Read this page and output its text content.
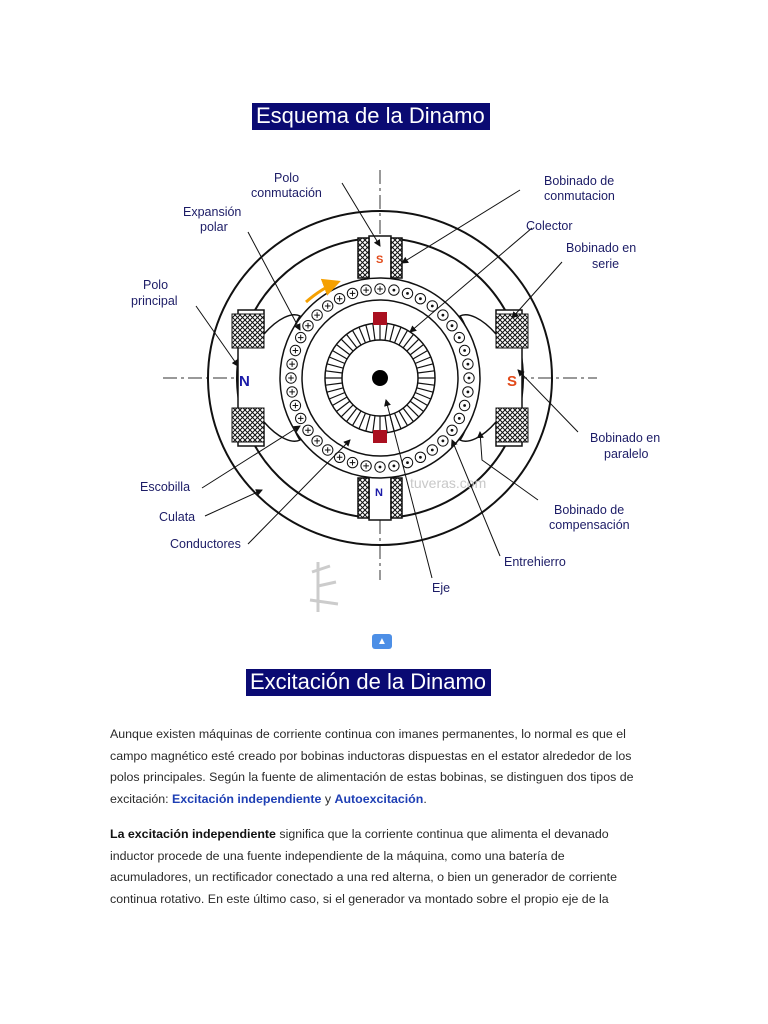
Esquema de la Dinamo
N	S
S
N
tuveras.com
Polo
conmutación
Expansión
polar
Polo
principal
Bobinado de
conmutacion
Colector
Bobinado en
serie
Bobinado en
paralelo
Bobinado de
compensación
Escobilla
Culata
Conductores
Entrehierro
Eje
▲
Excitación de la Dinamo

Aunque existen máquinas de corriente continua con imanes permanentes, lo normal es que el campo magnético esté creado por bobinas inductoras dispuestas en el estator alrededor de los polos principales. Según la fuente de alimentación de estas bobinas, se distinguen dos tipos de excitación: Excitación independiente y Autoexcitación.

La excitación independiente significa que la corriente continua que alimenta el devanado inductor procede de una fuente independiente de la máquina, como una batería de acumuladores, un rectificador conectado a una red alterna, o bien un generador de corriente continua rotativo. En este último caso, si el generador va montado sobre el propio eje de la
